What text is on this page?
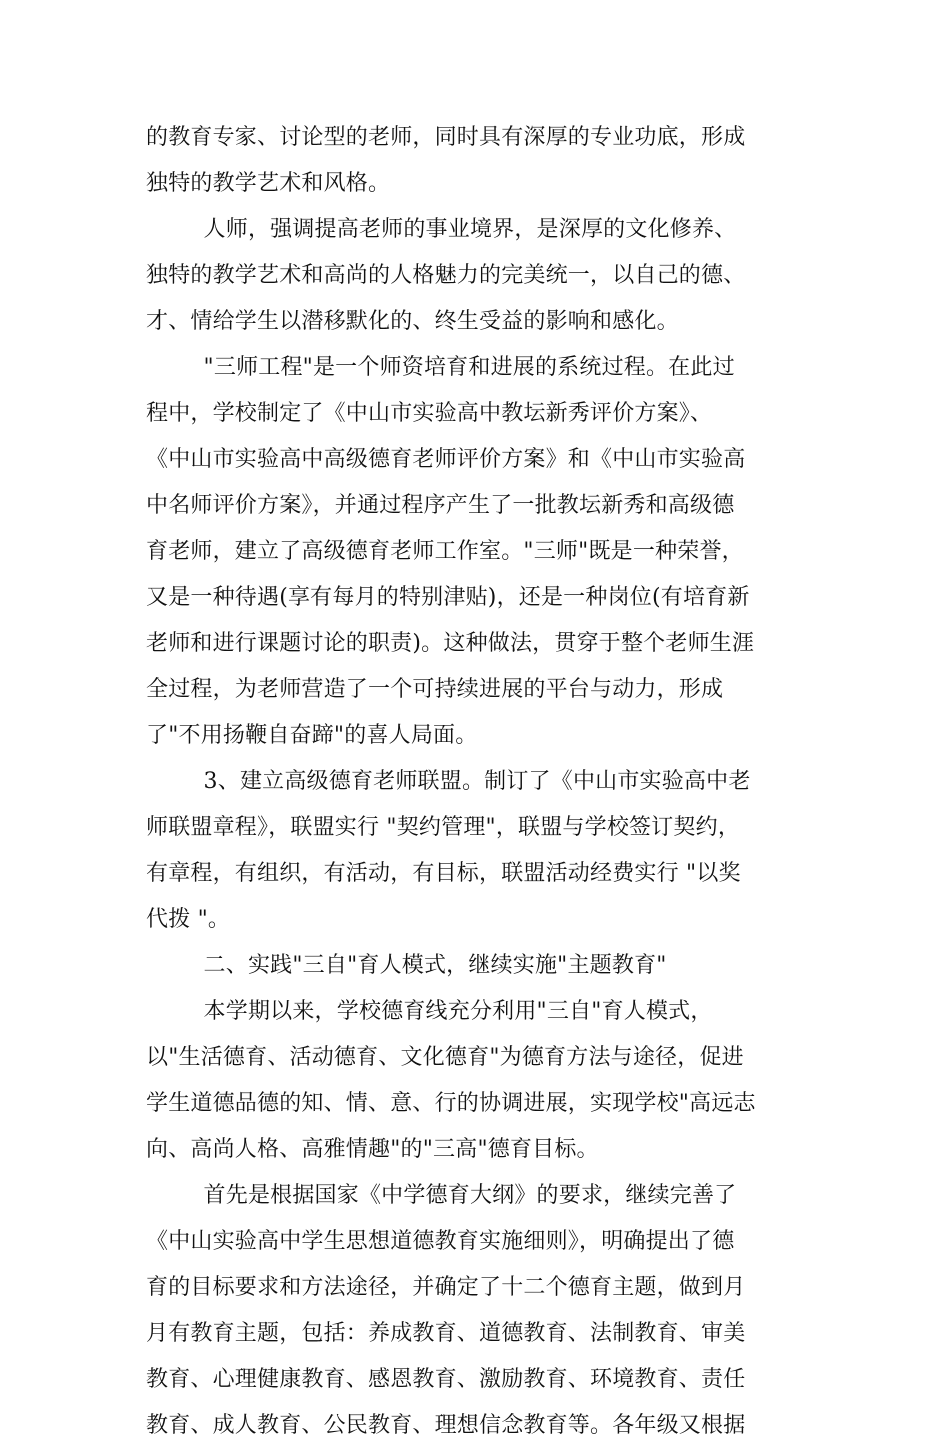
的教育专家、讨论型的老师，同时具有深厚的专业功底，形成
独特的教学艺术和风格。
人师，强调提高老师的事业境界，是深厚的文化修养、
独特的教学艺术和高尚的人格魅力的完美统一，以自己的德、
才、情给学生以潜移默化的、终生受益的影响和感化。
"三师工程"是一个师资培育和进展的系统过程。在此过
程中，学校制定了《中山市实验高中教坛新秀评价方案》、
《中山市实验高中高级德育老师评价方案》和《中山市实验高
中名师评价方案》，并通过程序产生了一批教坛新秀和高级德
育老师，建立了高级德育老师工作室。"三师"既是一种荣誉，
又是一种待遇(享有每月的特别津贴)，还是一种岗位(有培育新
老师和进行课题讨论的职责)。这种做法，贯穿于整个老师生涯
全过程，为老师营造了一个可持续进展的平台与动力，形成
了"不用扬鞭自奋蹄"的喜人局面。
3、建立高级德育老师联盟。制订了《中山市实验高中老
师联盟章程》，联盟实行 "契约管理"，联盟与学校签订契约，
有章程，有组织，有活动，有目标，联盟活动经费实行 "以奖
代拨 "。
二、实践"三自"育人模式，继续实施"主题教育"
本学期以来，学校德育线充分利用"三自"育人模式，
以"生活德育、活动德育、文化德育"为德育方法与途径，促进
学生道德品德的知、情、意、行的协调进展，实现学校"高远志
向、高尚人格、高雅情趣"的"三高"德育目标。
首先是根据国家《中学德育大纲》的要求，继续完善了
《中山实验高中学生思想道德教育实施细则》，明确提出了德
育的目标要求和方法途径，并确定了十二个德育主题，做到月
月有教育主题，包括：养成教育、道德教育、法制教育、审美
教育、心理健康教育、感恩教育、激励教育、环境教育、责任
教育、成人教育、公民教育、理想信念教育等。各年级又根据
